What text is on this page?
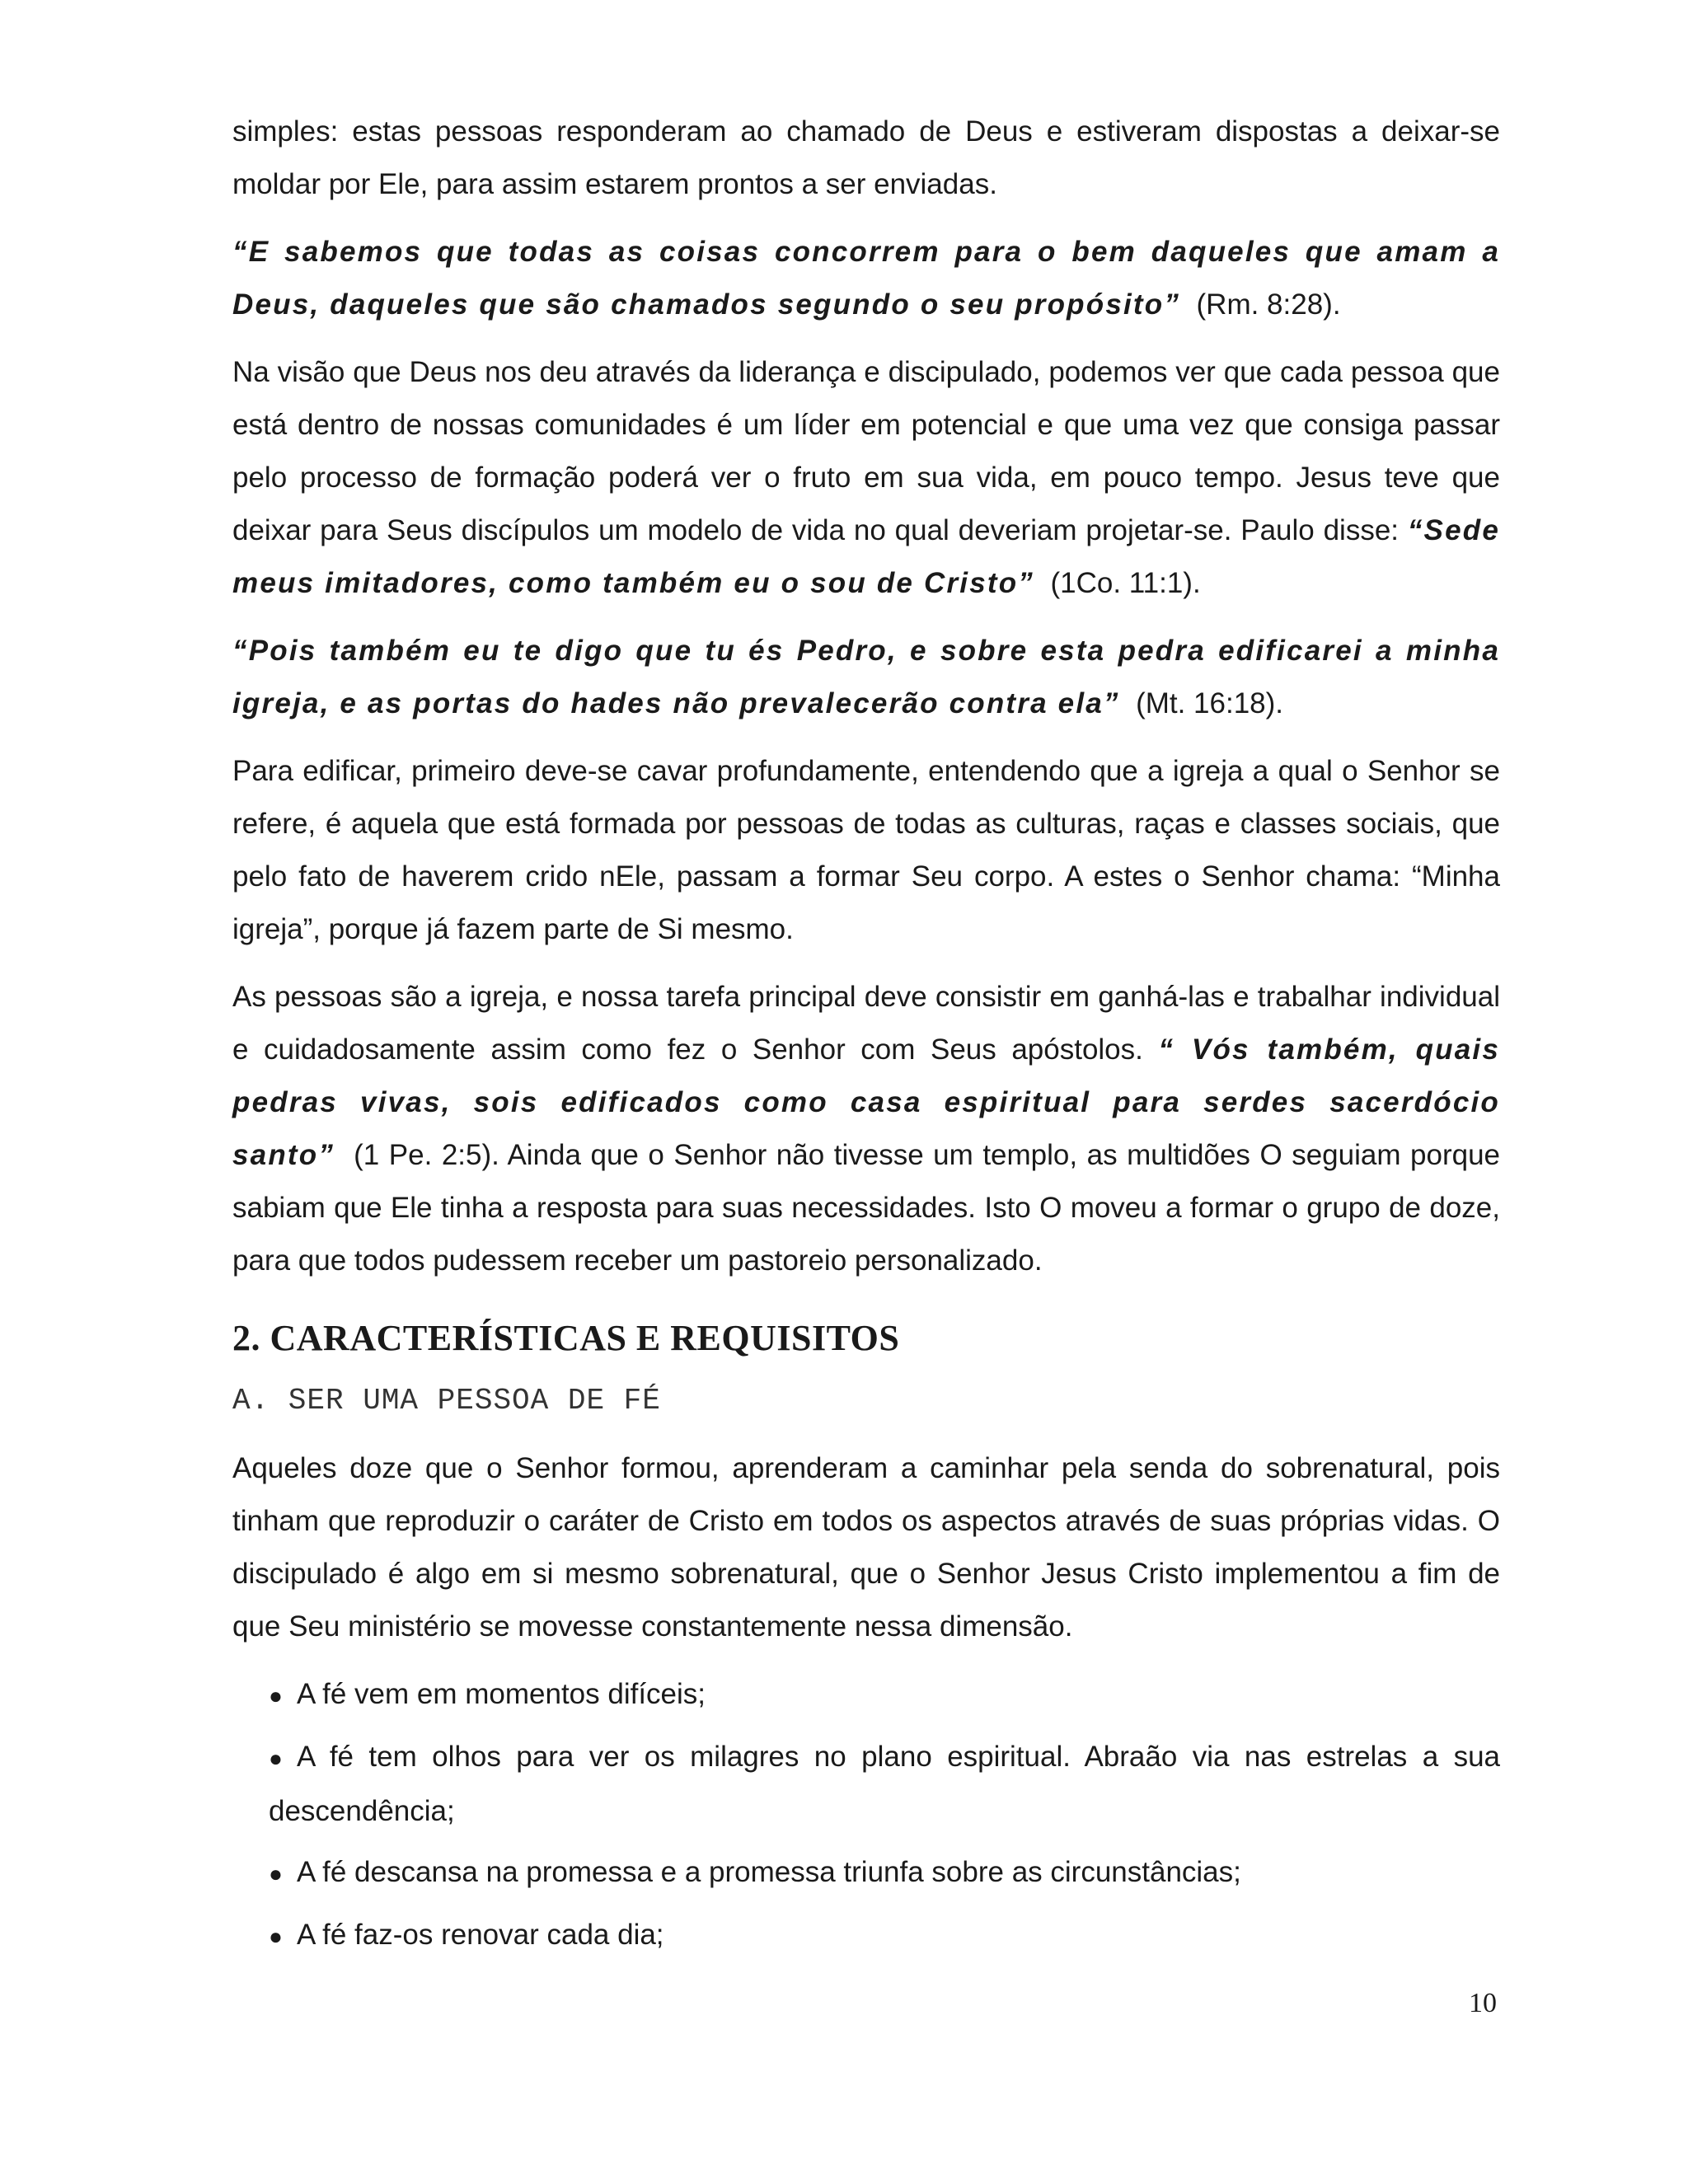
simples: estas pessoas responderam ao chamado de Deus e estiveram dispostas a deixar-se moldar por Ele, para assim estarem prontos a ser enviadas.

“E sabemos que todas as coisas concorrem para o bem daqueles que amam a Deus, daqueles que são chamados segundo o seu propósito” (Rm. 8:28).

Na visão que Deus nos deu através da liderança e discipulado, podemos ver que cada pessoa que está dentro de nossas comunidades é um líder em potencial e que uma vez que consiga passar pelo processo de formação poderá ver o fruto em sua vida, em pouco tempo. Jesus teve que deixar para Seus discípulos um modelo de vida no qual deveriam projetar-se. Paulo disse: “Sede meus imitadores, como também eu o sou de Cristo” (1Co. 11:1).

“Pois também eu te digo que tu és Pedro, e sobre esta pedra edificarei a minha igreja, e as portas do hades não prevalecerão contra ela” (Mt. 16:18).

Para edificar, primeiro deve-se cavar profundamente, entendendo que a igreja a qual o Senhor se refere, é aquela que está formada por pessoas de todas as culturas, raças e classes sociais, que pelo fato de haverem crido nEle, passam a formar Seu corpo. A estes o Senhor chama: “Minha igreja”, porque já fazem parte de Si mesmo.

As pessoas são a igreja, e nossa tarefa principal deve consistir em ganhá-las e trabalhar individual e cuidadosamente assim como fez o Senhor com Seus apóstolos. “ Vós também, quais pedras vivas, sois edificados como casa espiritual para serdes sacerdócio santo” (1 Pe. 2:5). Ainda que o Senhor não tivesse um templo, as multidões O seguiam porque sabiam que Ele tinha a resposta para suas necessidades. Isto O moveu a formar o grupo de doze, para que todos pudessem receber um pastoreio personalizado.

2. CARACTERÍSTICAS E REQUISITOS
A. SER UMA PESSOA DE FÉ

Aqueles doze que o Senhor formou, aprenderam a caminhar pela senda do sobrenatural, pois tinham que reproduzir o caráter de Cristo em todos os aspectos através de suas próprias vidas. O discipulado é algo em si mesmo sobrenatural, que o Senhor Jesus Cristo implementou a fim de que Seu ministério se movesse constantemente nessa dimensão.

● A fé vem em momentos difíceis;
● A fé tem olhos para ver os milagres no plano espiritual. Abraão via nas estrelas a sua descendência;
● A fé descansa na promessa e a promessa triunfa sobre as circunstâncias;
● A fé faz-os renovar cada dia;
10
